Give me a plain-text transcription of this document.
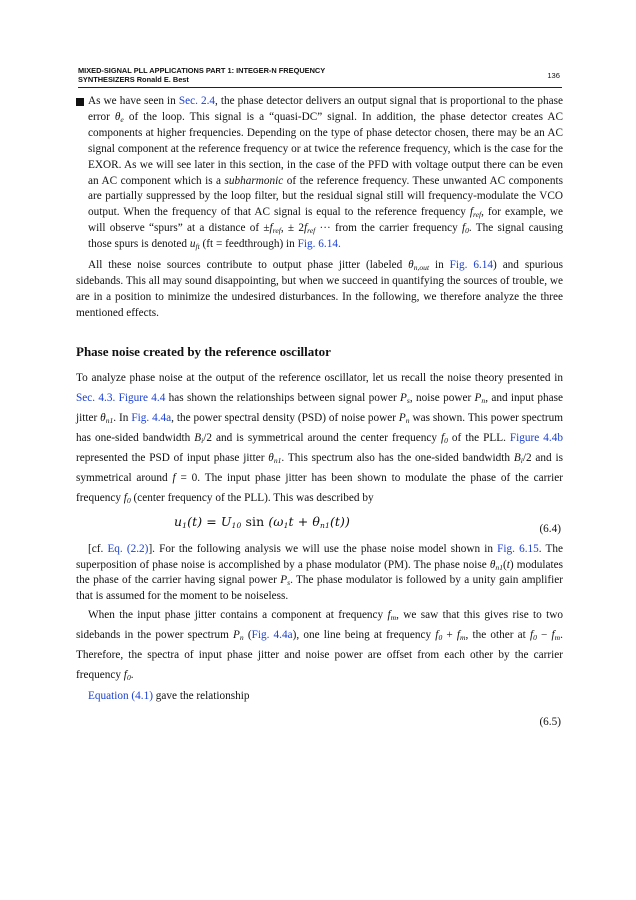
MIXED-SIGNAL PLL APPLICATIONS PART 1: INTEGER-N FREQUENCY
SYNTHESIZERS Ronald E. Best	136

As we have seen in Sec. 2.4, the phase detector delivers an output signal that is proportional to the phase error $\theta_e$ of the loop. This signal is a “quasi-DC” signal. In addition, the phase detector creates AC components at higher frequencies. Depending on the type of phase detector chosen, there may be an AC signal component at the reference frequency or at twice the reference frequency, which is the case for the EXOR. As we will see later in this section, in the case of the PFD with voltage output there can be even an AC component which is a subharmonic of the reference frequency. These unwanted AC components are partially suppressed by the loop filter, but the residual signal still will frequency-modulate the VCO output. When the frequency of that AC signal is equal to the reference frequency $f_{ref}$, for example, we will observe “spurs” at a distance of $\pm f_{ref}$, ± $2f_{ref}$ ··· from the carrier frequency $f_0$. The signal causing those spurs is denoted $u_{ft}$ (ft = feedthrough) in Fig. 6.14.

All these noise sources contribute to output phase jitter (labeled $\theta_{n,out}$ in Fig. 6.14) and spurious sidebands. This all may sound disappointing, but when we succeed in quantifying the sources of trouble, we are in a position to minimize the undesired disturbances. In the following, we therefore analyze the three mentioned effects.

Phase noise created by the reference oscillator

To analyze phase noise at the output of the reference oscillator, let us recall the noise theory presented in Sec. 4.3. Figure 4.4 has shown the relationships between signal power $P_s$, noise power $P_n$, and input phase jitter $\theta_{n1}$. In Fig. 4.4a, the power spectral density (PSD) of noise power $P_n$ was shown. This power spectrum has one-sided bandwidth $B_i/2$ and is symmetrical around the center frequency $f_0$ of the PLL. Figure 4.4b represented the PSD of input phase jitter $\theta_{n1}$. This spectrum also has the one-sided bandwidth $B_i/2$ and is symmetrical around f = 0. The input phase jitter has been shown to modulate the phase of the carrier frequency $f_0$ (center frequency of the PLL). This was described by

$u_1(t) = U_{10}$ $\sin (\omega_1t + \theta_{n1}(t))$	(6.4)

[cf. Eq. (2.2)]. For the following analysis we will use the phase noise model shown in Fig. 6.15. The superposition of phase noise is accomplished by a phase modulator (PM). The phase noise $\theta_{n1}(t)$ modulates the phase of the carrier having signal power $P_s$. The phase modulator is followed by a unity gain amplifier that is assumed for the moment to be noiseless.

When the input phase jitter contains a component at frequency $f_m$, we saw that this gives rise to two sidebands in the power spectrum $P_n$ (Fig. 4.4a), one line being at frequency $f_0 + f_m$, the other at $f_0 - f_m$. Therefore, the spectra of input phase jitter and noise power are offset from each other by the carrier frequency $f_0$.

Equation (4.1) gave the relationship

(6.5)
